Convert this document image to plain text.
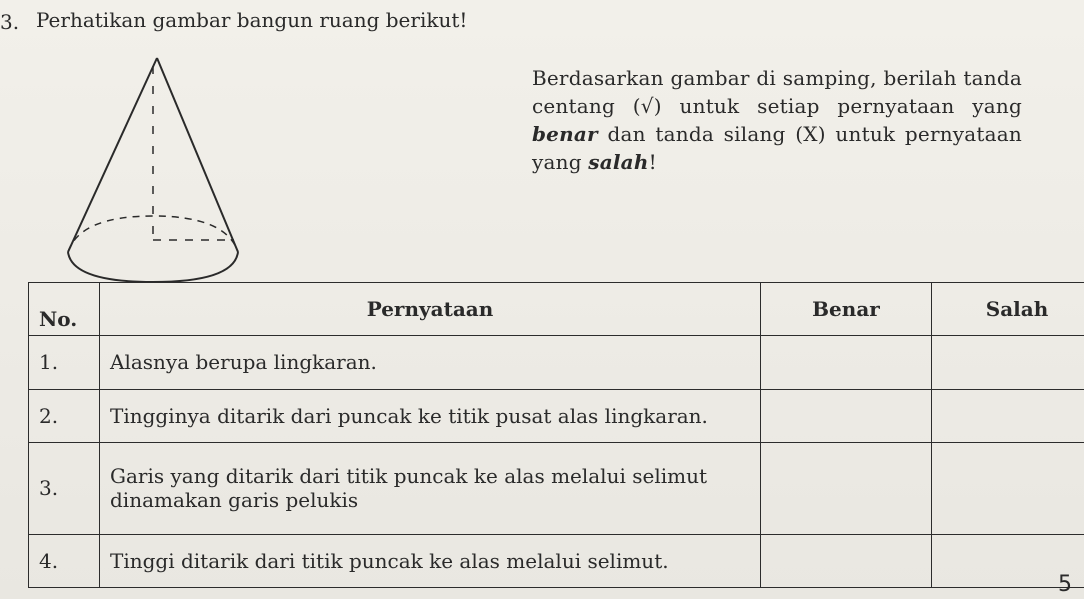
3. Perhatikan gambar bangun ruang berikut!
Berdasarkan gambar di samping, berilah tanda centang (√) untuk setiap pernyataan yang benar dan tanda silang (X) untuk pernyataan yang salah!
No.	Pernyataan	Benar	Salah
1.	Alasnya berupa lingkaran.		
2.	Tingginya ditarik dari puncak ke titik pusat alas lingkaran.		
3.	Garis yang ditarik dari titik puncak ke alas melalui selimut dinamakan garis pelukis		
4.	Tinggi ditarik dari titik puncak ke alas melalui selimut.		
5
